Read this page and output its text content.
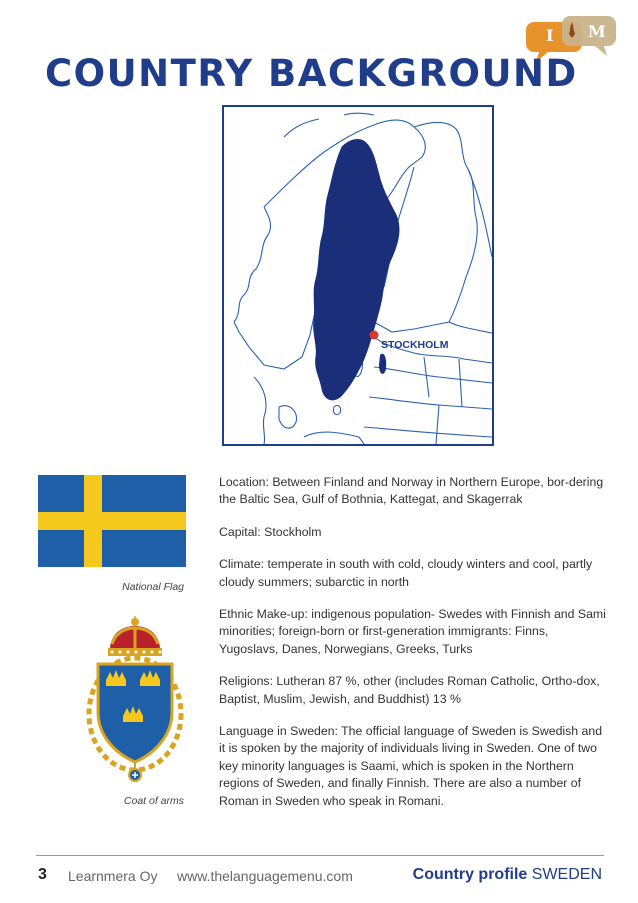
I M
COUNTRY BACKGROUND
STOCKHOLM
National Flag
Coat of arms

Location: Between Finland and Norway in Northern Europe, bor-dering the Baltic Sea, Gulf of Bothnia, Kattegat, and Skagerrak

Capital: Stockholm

Climate: temperate in south with cold, cloudy winters and cool, partly cloudy summers; subarctic in north

Ethnic Make-up: indigenous population- Swedes with Finnish and Sami minorities; foreign-born or first-generation immigrants: Finns, Yugoslavs, Danes, Norwegians, Greeks, Turks

Religions: Lutheran 87 %, other (includes Roman Catholic, Ortho-dox, Baptist, Muslim, Jewish, and Buddhist) 13 %

Language in Sweden: The official language of Sweden is Swedish and it is spoken by the majority of individuals living in Sweden. One of two key minority languages is Saami, which is spoken in the Northern regions of Sweden, and finally Finnish. There are also a number of Roman in Sweden who speak in Romani.

3 Learnmera Oy www.thelanguagemenu.com	Country profile SWEDEN
